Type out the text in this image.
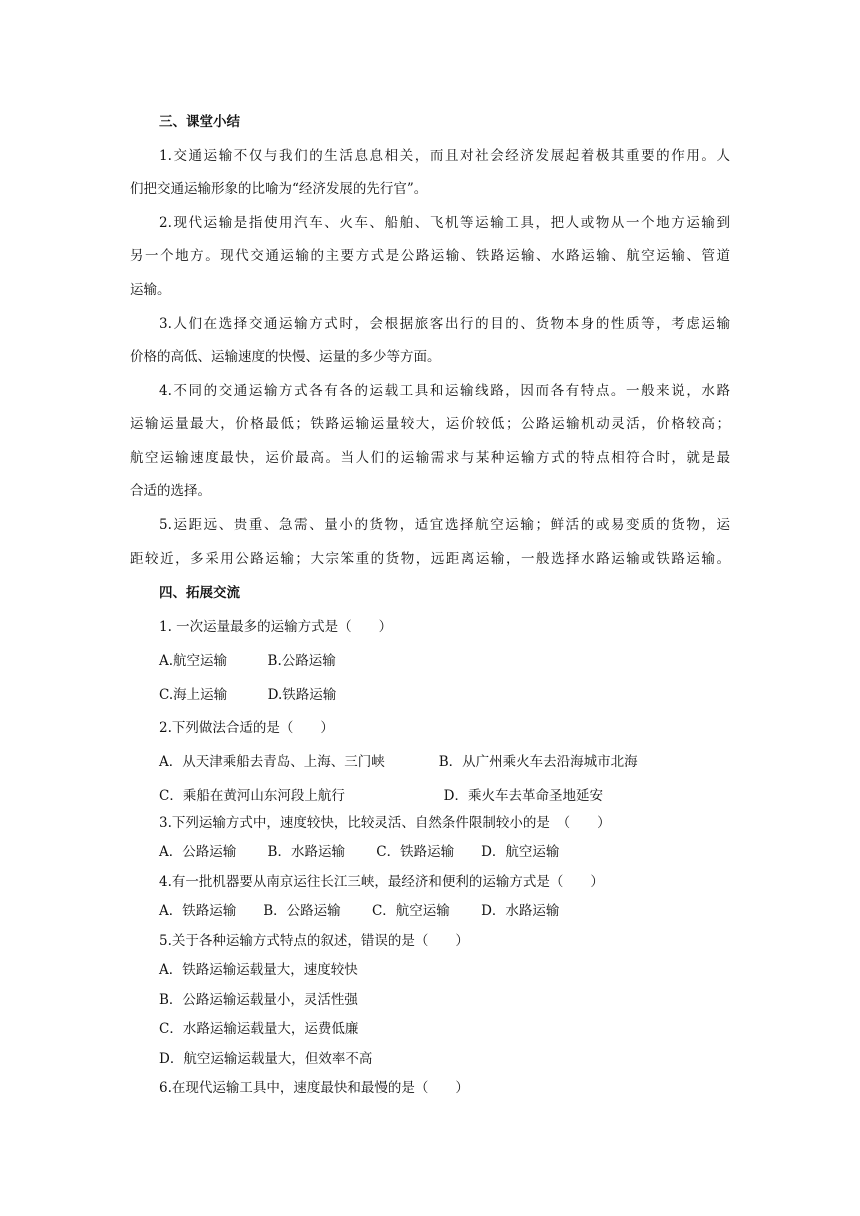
三、课堂小结
1.交通运输不仅与我们的生活息息相关，而且对社会经济发展起着极其重要的作用。人
们把交通运输形象的比喻为“经济发展的先行官”。
2.现代运输是指使用汽车、火车、船舶、飞机等运输工具，把人或物从一个地方运输到
另一个地方。现代交通运输的主要方式是公路运输、铁路运输、水路运输、航空运输、管道
运输。
3.人们在选择交通运输方式时，会根据旅客出行的目的、货物本身的性质等，考虑运输
价格的高低、运输速度的快慢、运量的多少等方面。
4.不同的交通运输方式各有各的运载工具和运输线路，因而各有特点。一般来说，水路
运输运量最大，价格最低；铁路运输运量较大，运价较低；公路运输机动灵活，价格较高；
航空运输速度最快，运价最高。当人们的运输需求与某种运输方式的特点相符合时，就是最
合适的选择。
5.运距远、贵重、急需、量小的货物，适宜选择航空运输；鲜活的或易变质的货物，运
距较近，多采用公路运输；大宗笨重的货物，远距离运输，一般选择水路运输或铁路运输。
四、拓展交流
1. 一次运量最多的运输方式是（　　）
A.航空运输　　　B.公路运输
C.海上运输　　　D.铁路运输
2.下列做法合适的是（　　）
A．从天津乘船去青岛、上海、三门峡　　　　B．从广州乘火车去沿海城市北海
C．乘船在黄河山东河段上航行　　　　　　　 D．乘火车去革命圣地延安
3.下列运输方式中，速度较快，比较灵活、自然条件限制较小的是　（　　）
A．公路运输　　 B．水路运输　　 C．铁路运输　　D．航空运输
4.有一批机器要从南京运往长江三峡，最经济和便利的运输方式是（　　）
A．铁路运输　　B．公路运输　　 C．航空运输　　 D．水路运输
5.关于各种运输方式特点的叙述，错误的是（　　）
A．铁路运输运载量大，速度较快
B．公路运输运载量小，灵活性强
C．水路运输运载量大，运费低廉
D．航空运输运载量大，但效率不高
6.在现代运输工具中，速度最快和最慢的是（　　）
